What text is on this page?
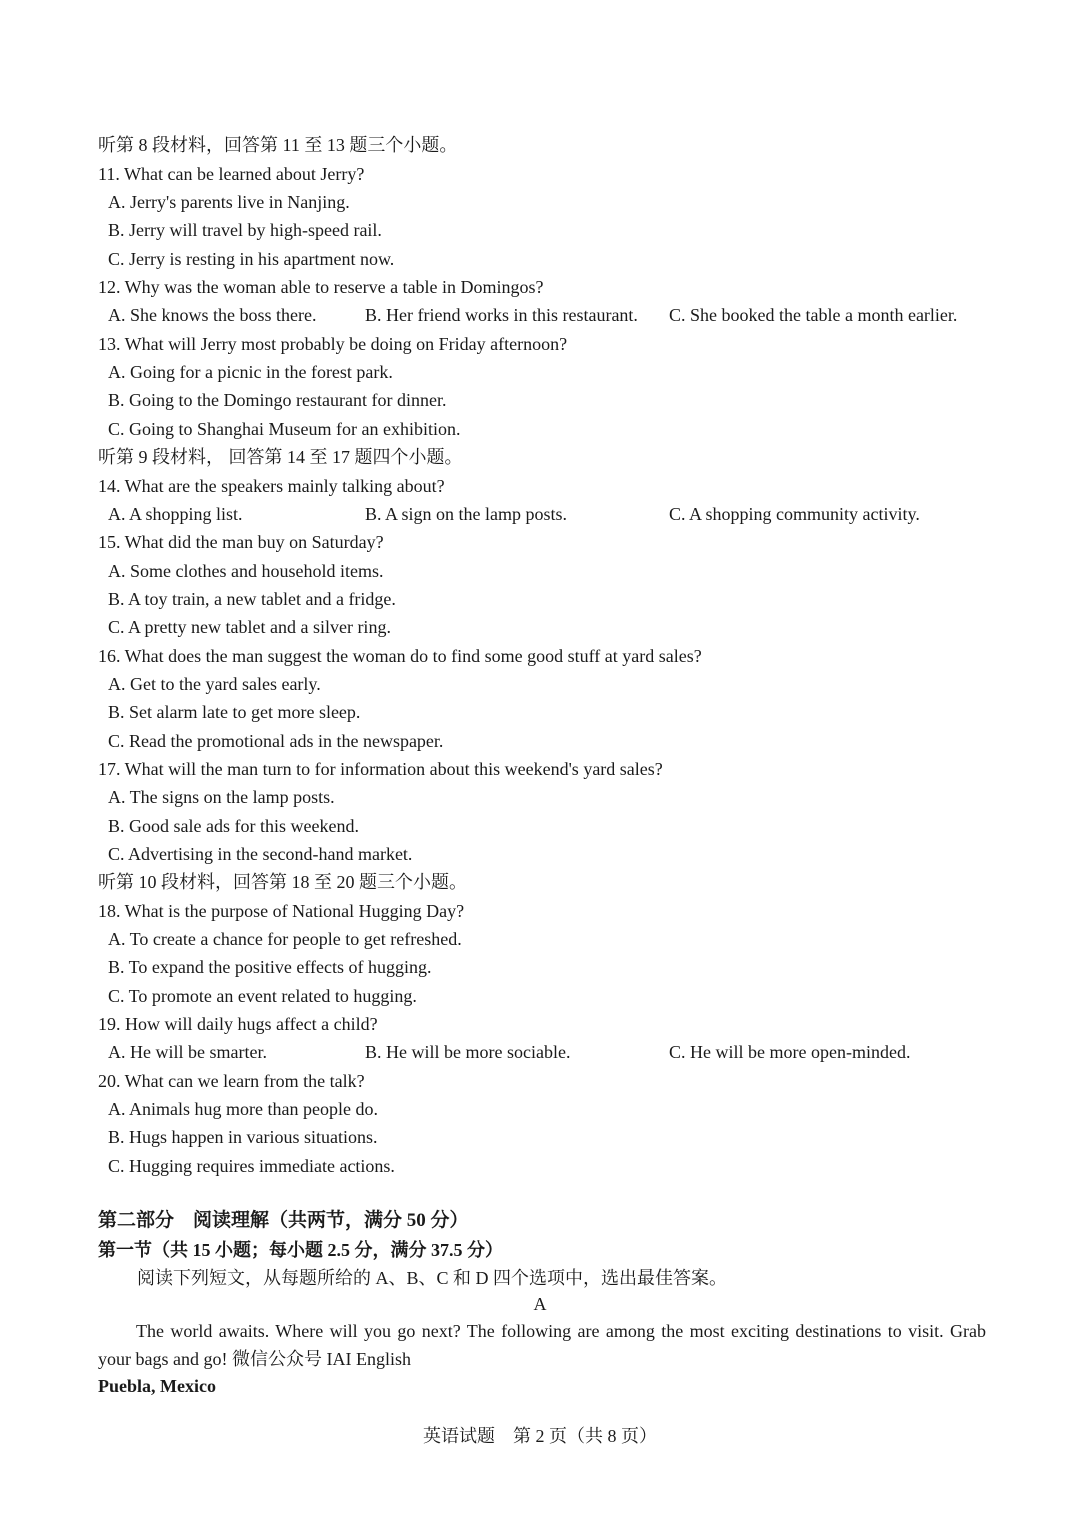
听第 8 段材料，回答第 11 至 13 题三个小题。
11. What can be learned about Jerry?
A. Jerry's parents live in Nanjing.
B. Jerry will travel by high-speed rail.
C. Jerry is resting in his apartment now.
12. Why was the woman able to reserve a table in Domingos?
A. She knows the boss there.	B. Her friend works in this restaurant. C. She booked the table a month earlier.
13. What will Jerry most probably be doing on Friday afternoon?
A. Going for a picnic in the forest park.
B. Going to the Domingo restaurant for dinner.
C. Going to Shanghai Museum for an exhibition.
听第 9 段材料， 回答第 14 至 17 题四个小题。
14. What are the speakers mainly talking about?
A. A shopping list.	B. A sign on the lamp posts.	C. A shopping community activity.
15. What did the man buy on Saturday?
A. Some clothes and household items.
B. A toy train, a new tablet and a fridge.
C. A pretty new tablet and a silver ring.
16. What does the man suggest the woman do to find some good stuff at yard sales?
A. Get to the yard sales early.
B. Set alarm late to get more sleep.
C. Read the promotional ads in the newspaper.
17. What will the man turn to for information about this weekend's yard sales?
A. The signs on the lamp posts.
B. Good sale ads for this weekend.
C. Advertising in the second-hand market.
听第 10 段材料，回答第 18 至 20 题三个小题。
18. What is the purpose of National Hugging Day?
A. To create a chance for people to get refreshed.
B. To expand the positive effects of hugging.
C. To promote an event related to hugging.
19. How will daily hugs affect a child?
A. He will be smarter.	B. He will be more sociable.	C. He will be more open-minded.
20. What can we learn from the talk?
A. Animals hug more than people do.
B. Hugs happen in various situations.
C. Hugging requires immediate actions.
第二部分　阅读理解（共两节，满分 50 分）
第一节（共 15 小题；每小题 2.5 分，满分 37.5 分）
阅读下列短文，从每题所给的 A、B、C 和 D 四个选项中，选出最佳答案。
A
The world awaits. Where will you go next? The following are among the most exciting destinations to visit. Grab your bags and go! 微信公众号 IAI English
Puebla, Mexico
英语试题　第 2 页（共 8 页）
